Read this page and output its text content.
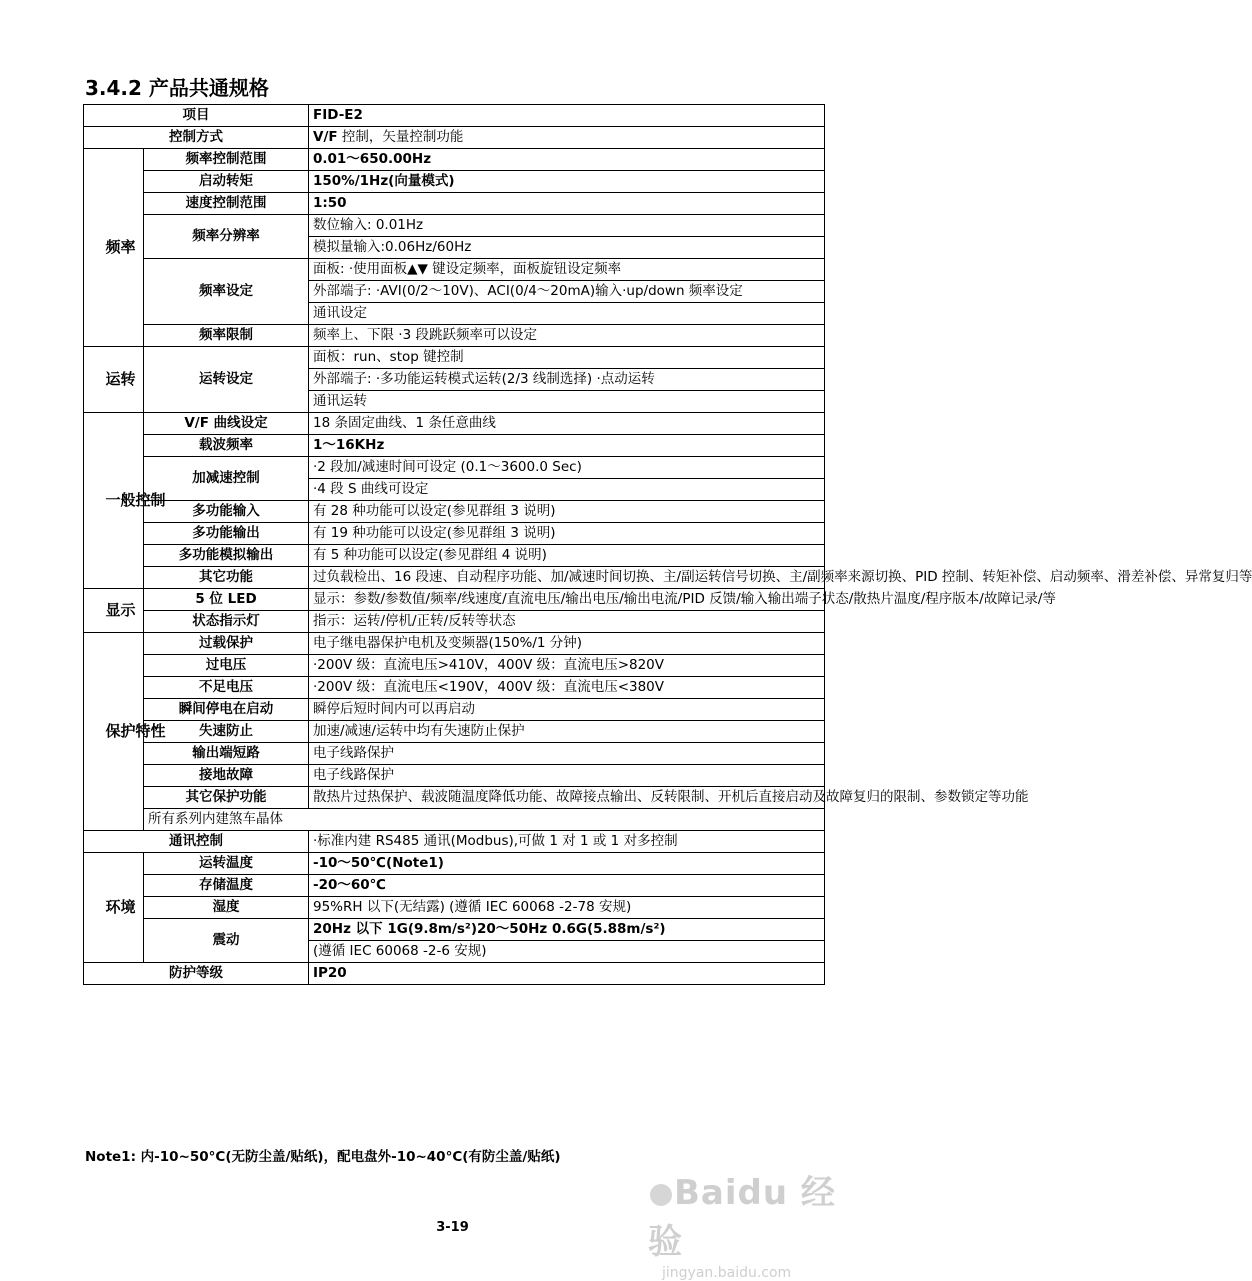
3.4.2 产品共通规格
项目		FID-E2
控制方式		V/F 控制，矢量控制功能
频率	频率控制范围	0.01～650.00Hz
	启动转矩	150%/1Hz(向量模式)
	速度控制范围	1:50
	频率分辨率	数位输入: 0.01Hz
		模拟量输入:0.06Hz/60Hz
	频率设定	面板: ·使用面板▲▼ 键设定频率，面板旋钮设定频率
		外部端子: ·AVI(0/2～10V)、ACI(0/4～20mA)输入·up/down 频率设定
		通讯设定
	频率限制	频率上、下限 ·3 段跳跃频率可以设定
运转	运转设定	面板：run、stop 键控制
		外部端子: ·多功能运转模式运转(2/3 线制选择) ·点动运转
		通讯运转
一般控制	V/F 曲线设定	18 条固定曲线、1 条任意曲线
	载波频率	1～16KHz
	加减速控制	·2 段加/减速时间可设定 (0.1～3600.0 Sec)
		·4 段 S 曲线可设定
	多功能输入	有 28 种功能可以设定(参见群组 3 说明)
	多功能输出	有 19 种功能可以设定(参见群组 3 说明)
	多功能模拟输出	有 5 种功能可以设定(参见群组 4 说明)
	其它功能	过负载检出、16 段速、自动程序功能、加/减速时间切换、主/副运转信号切换、主/副频率来源切换、PID 控制、转矩补偿、启动频率、滑差补偿、异常复归等
显示	5 位 LED	显示：参数/参数值/频率/线速度/直流电压/输出电压/输出电流/PID 反馈/输入输出端子状态/散热片温度/程序版本/故障记录/等
	状态指示灯	指示：运转/停机/正转/反转等状态
保护特性	过载保护	电子继电器保护电机及变频器(150%/1 分钟)
	过电压	·200V 级：直流电压>410V，400V 级：直流电压>820V
	不足电压	·200V 级：直流电压<190V，400V 级：直流电压<380V
	瞬间停电在启动	瞬停后短时间内可以再启动
	失速防止	加速/减速/运转中均有失速防止保护
	输出端短路	电子线路保护
	接地故障	电子线路保护
	其它保护功能	散热片过热保护、载波随温度降低功能、故障接点输出、反转限制、开机后直接启动及故障复归的限制、参数锁定等功能
	所有系列内建煞车晶体	
通讯控制		·标准内建 RS485 通讯(Modbus),可做 1 对 1 或 1 对多控制
环境	运转温度	-10～50℃(Note1)
	存储温度	-20～60℃
	湿度	95%RH 以下(无结露) (遵循 IEC 60068 -2-78 安规)
	震动	20Hz 以下 1G(9.8m/s²)20～50Hz 0.6G(5.88m/s²)
		(遵循 IEC 60068 -2-6 安规)
防护等级		IP20
Note1: 内-10~50°C(无防尘盖/贴纸)，配电盘外-10~40°C(有防尘盖/贴纸)
Baidu 经验
jingyan.baidu.com
3-19
